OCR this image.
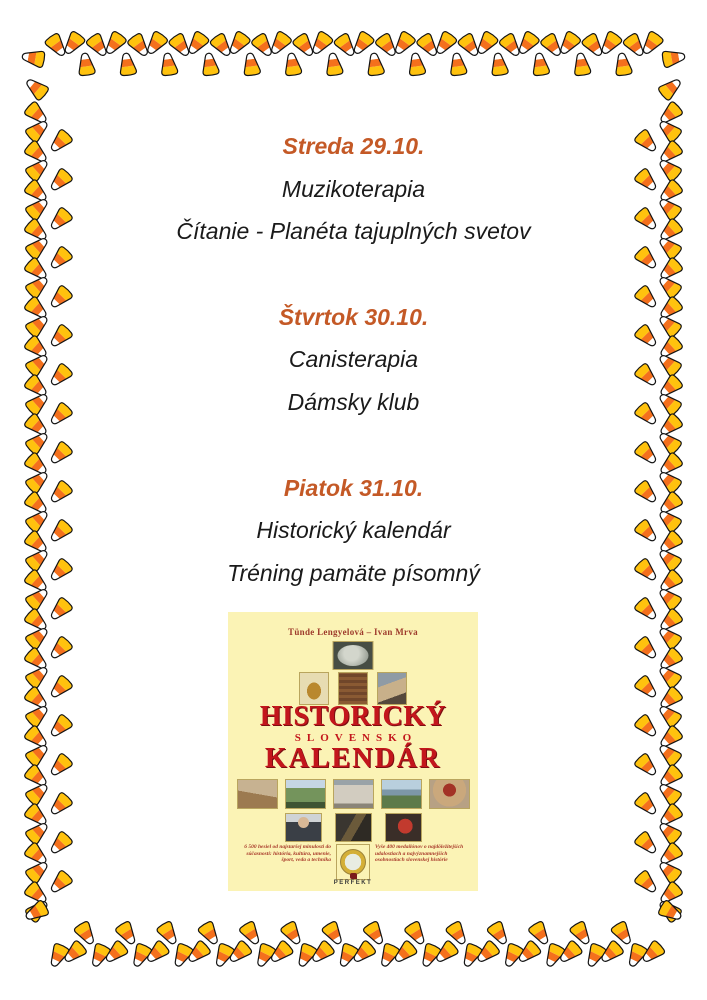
Streda 29.10.
Muzikoterapia
Čítanie - Planéta tajuplných svetov
Štvrtok 30.10.
Canisterapia
Dámsky klub
Piatok 31.10.
Historický kalendár
Tréning pamäte písomný
Tünde Lengyelová – Ivan Mrva
HISTORICKÝ
SLOVENSKO
KALENDÁR
6 500 hesiel od najstaršej minulosti do súčasnosti: história, kultúra, umenie, šport, veda a technika
Vyše 400 medailónov o najdôležitejších udalostiach a najvýznamnejších osobnostiach slovenskej histórie
PERFEKT
